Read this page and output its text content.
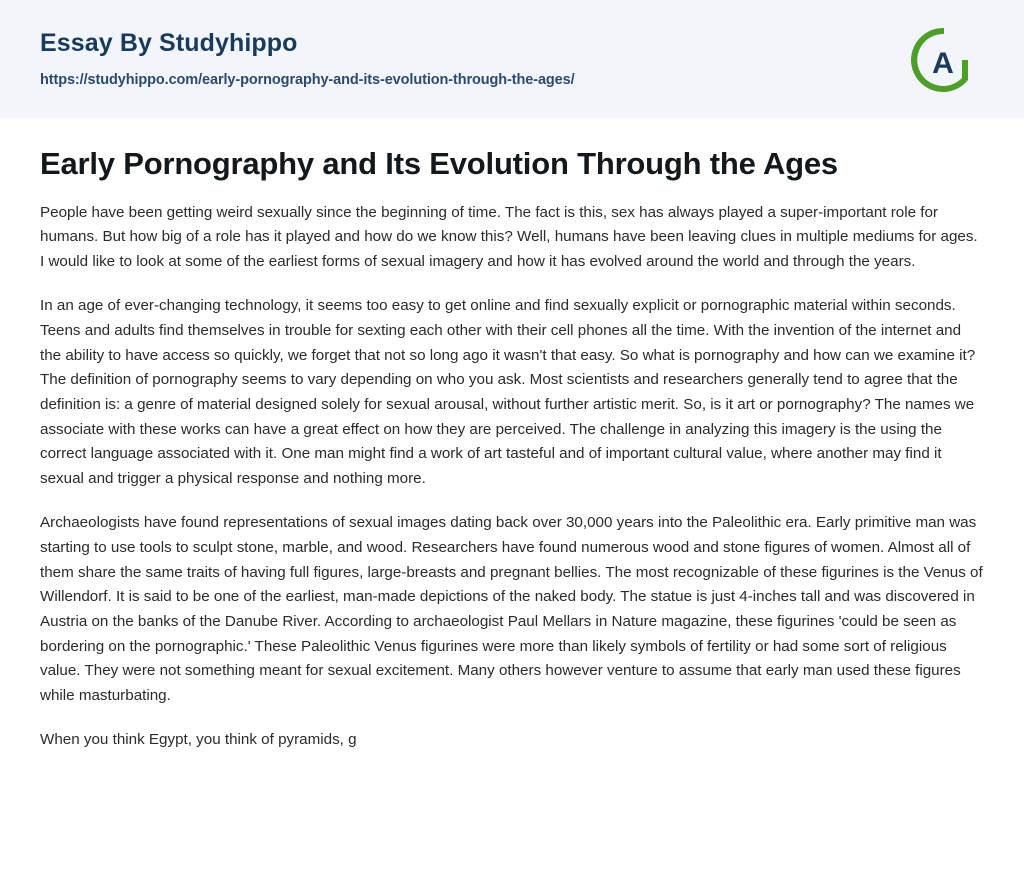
Essay By Studyhippo
https://studyhippo.com/early-pornography-and-its-evolution-through-the-ages/	A
Early Pornography and Its Evolution Through the Ages

People have been getting weird sexually since the beginning of time. The fact is this, sex has always played a super-important role for humans. But how big of a role has it played and how do we know this? Well, humans have been leaving clues in multiple mediums for ages. I would like to look at some of the earliest forms of sexual imagery and how it has evolved around the world and through the years.

In an age of ever-changing technology, it seems too easy to get online and find sexually explicit or pornographic material within seconds. Teens and adults find themselves in trouble for sexting each other with their cell phones all the time. With the invention of the internet and the ability to have access so quickly, we forget that not so long ago it wasn't that easy. So what is pornography and how can we examine it? The definition of pornography seems to vary depending on who you ask. Most scientists and researchers generally tend to agree that the definition is: a genre of material designed solely for sexual arousal, without further artistic merit. So, is it art or pornography? The names we associate with these works can have a great effect on how they are perceived. The challenge in analyzing this imagery is the using the correct language associated with it. One man might find a work of art tasteful and of important cultural value, where another may find it sexual and trigger a physical response and nothing more.

Archaeologists have found representations of sexual images dating back over 30,000 years into the Paleolithic era. Early primitive man was starting to use tools to sculpt stone, marble, and wood. Researchers have found numerous wood and stone figures of women. Almost all of them share the same traits of having full figures, large-breasts and pregnant bellies. The most recognizable of these figurines is the Venus of Willendorf. It is said to be one of the earliest, man-made depictions of the naked body. The statue is just 4-inches tall and was discovered in Austria on the banks of the Danube River. According to archaeologist Paul Mellars in Nature magazine, these figurines 'could be seen as bordering on the pornographic.' These Paleolithic Venus figurines were more than likely symbols of fertility or had some sort of religious value. They were not something meant for sexual excitement. Many others however venture to assume that early man used these figures while masturbating.

When you think Egypt, you think of pyramids, g
